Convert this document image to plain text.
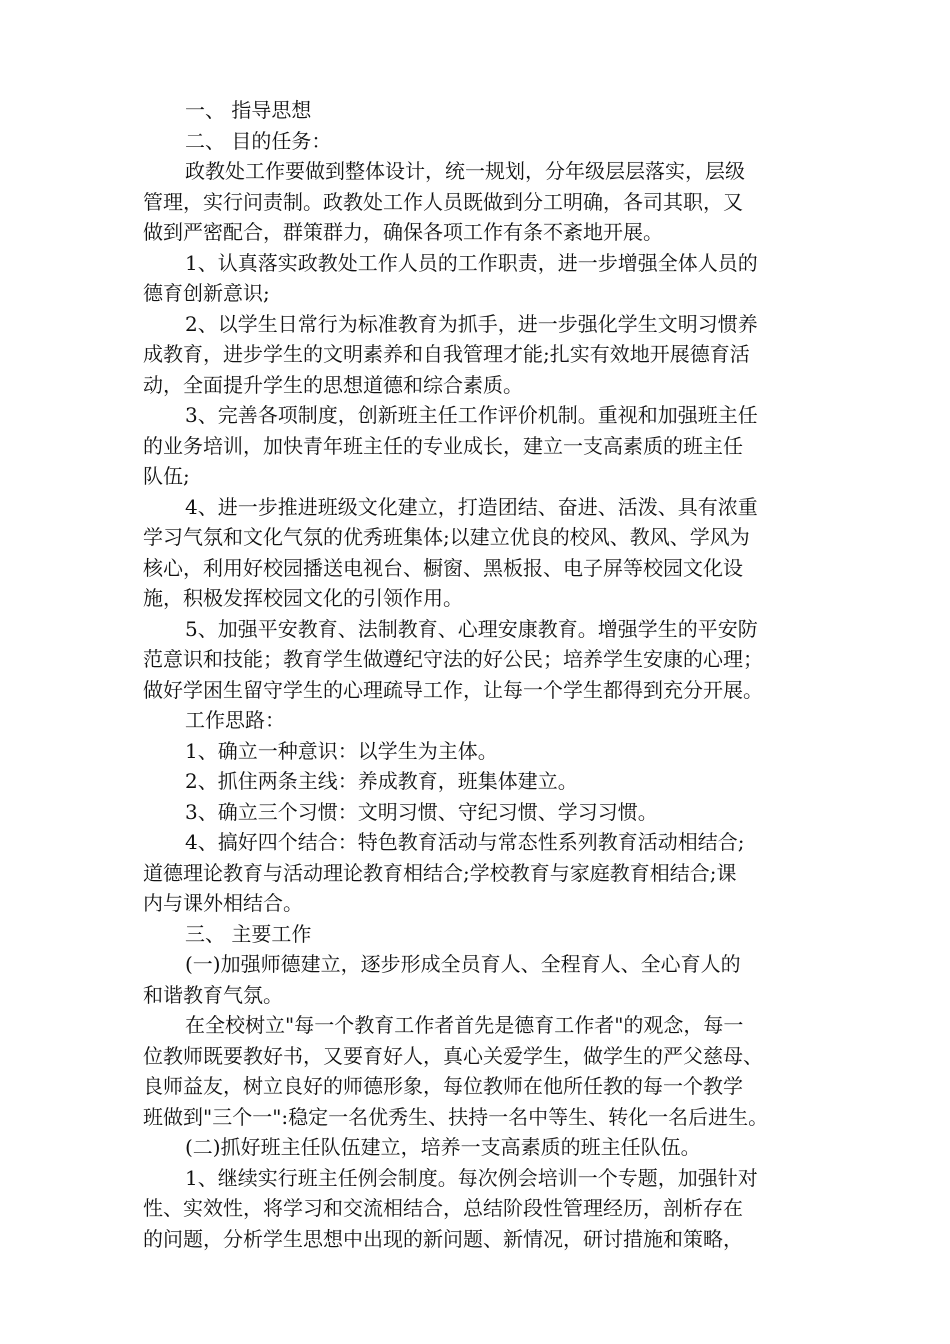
一、 指导思想
二、 目的任务：
政教处工作要做到整体设计，统一规划，分年级层层落实，层级
管理，实行问责制。政教处工作人员既做到分工明确，各司其职，又
做到严密配合，群策群力，确保各项工作有条不紊地开展。
1、认真落实政教处工作人员的工作职责，进一步增强全体人员的
德育创新意识;
2、以学生日常行为标准教育为抓手，进一步强化学生文明习惯养
成教育，进步学生的文明素养和自我管理才能;扎实有效地开展德育活
动，全面提升学生的思想道德和综合素质。
3、完善各项制度，创新班主任工作评价机制。重视和加强班主任
的业务培训，加快青年班主任的专业成长，建立一支高素质的班主任
队伍;
4、进一步推进班级文化建立，打造团结、奋进、活泼、具有浓重
学习气氛和文化气氛的优秀班集体;以建立优良的校风、教风、学风为
核心，利用好校园播送电视台、橱窗、黑板报、电子屏等校园文化设
施，积极发挥校园文化的引领作用。
5、加强平安教育、法制教育、心理安康教育。增强学生的平安防
范意识和技能；教育学生做遵纪守法的好公民；培养学生安康的心理；
做好学困生留守学生的心理疏导工作，让每一个学生都得到充分开展。
工作思路：
1、确立一种意识：以学生为主体。
2、抓住两条主线：养成教育，班集体建立。
3、确立三个习惯：文明习惯、守纪习惯、学习习惯。
4、搞好四个结合：特色教育活动与常态性系列教育活动相结合;
道德理论教育与活动理论教育相结合;学校教育与家庭教育相结合;课
内与课外相结合。
三、 主要工作
(一)加强师德建立，逐步形成全员育人、全程育人、全心育人的
和谐教育气氛。
在全校树立"每一个教育工作者首先是德育工作者"的观念，每一
位教师既要教好书，又要育好人，真心关爱学生，做学生的严父慈母、
良师益友，树立良好的师德形象，每位教师在他所任教的每一个教学
班做到"三个一":稳定一名优秀生、扶持一名中等生、转化一名后进生。
(二)抓好班主任队伍建立，培养一支高素质的班主任队伍。
1、继续实行班主任例会制度。每次例会培训一个专题，加强针对
性、实效性，将学习和交流相结合，总结阶段性管理经历，剖析存在
的问题，分析学生思想中出现的新问题、新情况，研讨措施和策略，
